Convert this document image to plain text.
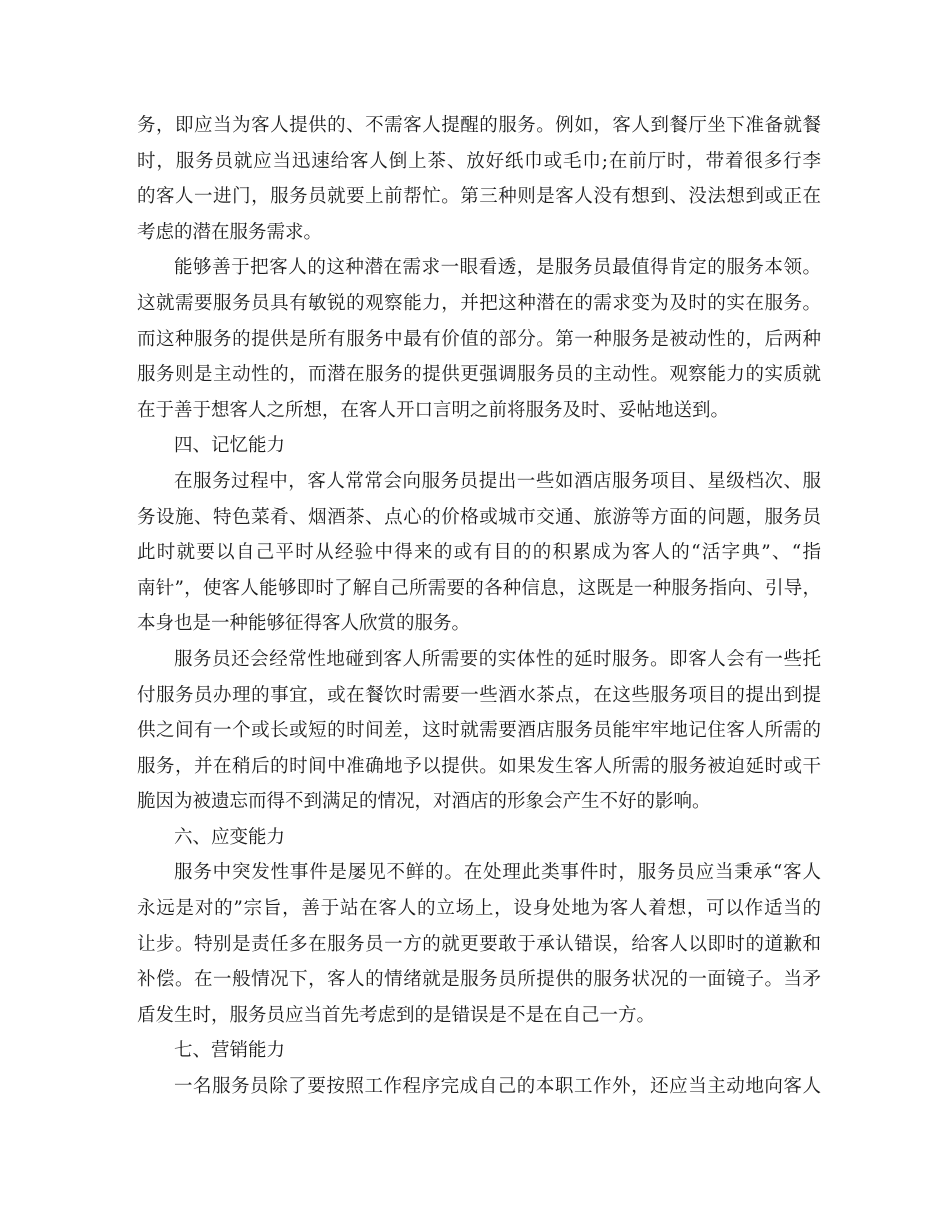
务，即应当为客人提供的、不需客人提醒的服务。例如，客人到餐厅坐下准备就餐
时，服务员就应当迅速给客人倒上茶、放好纸巾或毛巾;在前厅时，带着很多行李
的客人一进门，服务员就要上前帮忙。第三种则是客人没有想到、没法想到或正在
考虑的潜在服务需求。
能够善于把客人的这种潜在需求一眼看透，是服务员最值得肯定的服务本领。
这就需要服务员具有敏锐的观察能力，并把这种潜在的需求变为及时的实在服务。
而这种服务的提供是所有服务中最有价值的部分。第一种服务是被动性的，后两种
服务则是主动性的，而潜在服务的提供更强调服务员的主动性。观察能力的实质就
在于善于想客人之所想，在客人开口言明之前将服务及时、妥帖地送到。
四、记忆能力
在服务过程中，客人常常会向服务员提出一些如酒店服务项目、星级档次、服
务设施、特色菜肴、烟酒茶、点心的价格或城市交通、旅游等方面的问题，服务员
此时就要以自己平时从经验中得来的或有目的的积累成为客人的“活字典”、“指
南针”，使客人能够即时了解自己所需要的各种信息，这既是一种服务指向、引导，
本身也是一种能够征得客人欣赏的服务。
服务员还会经常性地碰到客人所需要的实体性的延时服务。即客人会有一些托
付服务员办理的事宜，或在餐饮时需要一些酒水茶点，在这些服务项目的提出到提
供之间有一个或长或短的时间差，这时就需要酒店服务员能牢牢地记住客人所需的
服务，并在稍后的时间中准确地予以提供。如果发生客人所需的服务被迫延时或干
脆因为被遗忘而得不到满足的情况，对酒店的形象会产生不好的影响。
六、应变能力
服务中突发性事件是屡见不鲜的。在处理此类事件时，服务员应当秉承“客人
永远是对的”宗旨，善于站在客人的立场上，设身处地为客人着想，可以作适当的
让步。特别是责任多在服务员一方的就更要敢于承认错误，给客人以即时的道歉和
补偿。在一般情况下，客人的情绪就是服务员所提供的服务状况的一面镜子。当矛
盾发生时，服务员应当首先考虑到的是错误是不是在自己一方。
七、营销能力
一名服务员除了要按照工作程序完成自己的本职工作外，还应当主动地向客人
